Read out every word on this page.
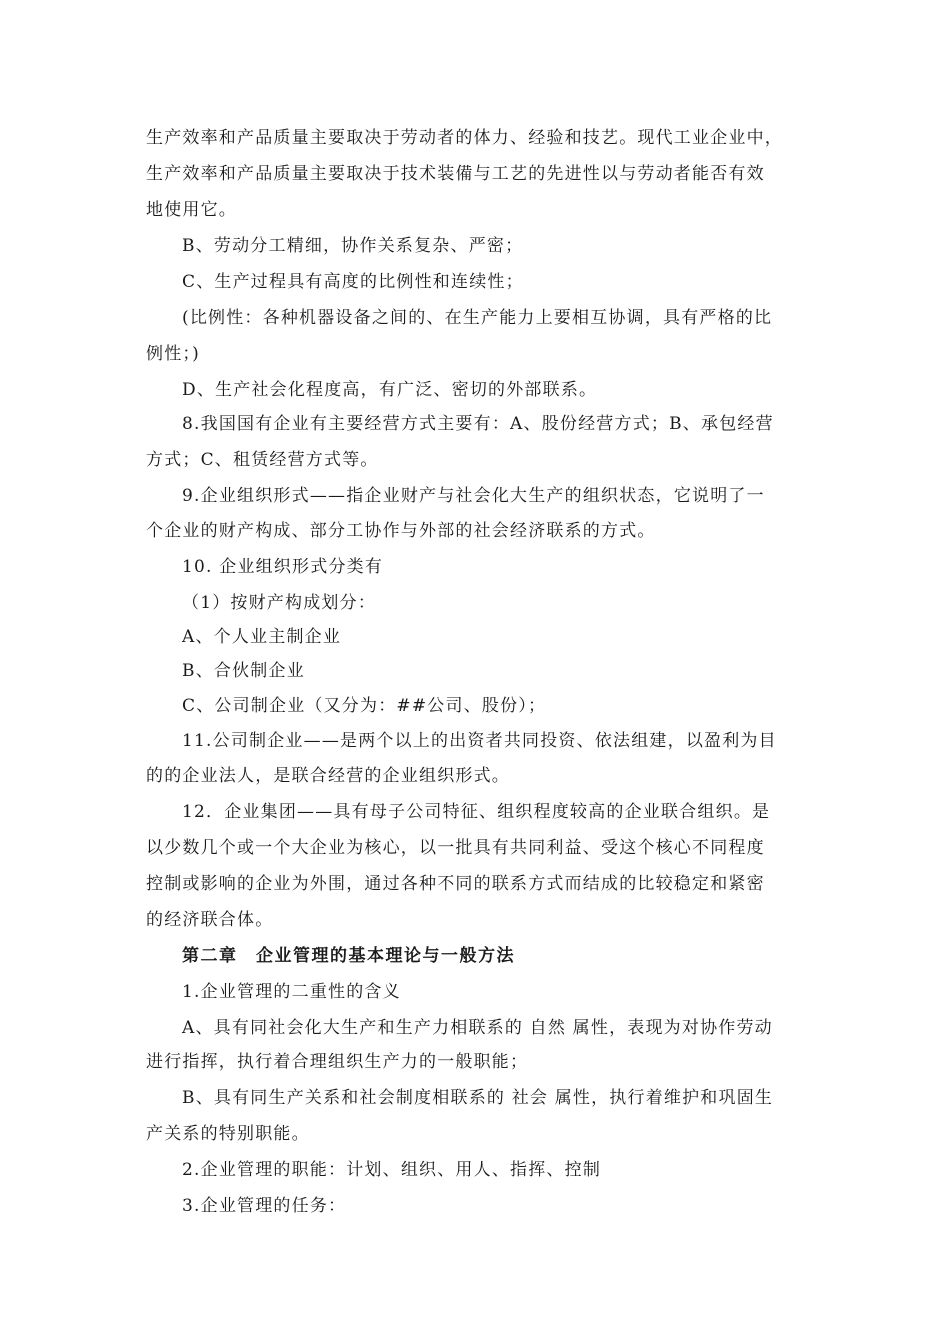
生产效率和产品质量主要取决于劳动者的体力、经验和技艺。现代工业企业中，
生产效率和产品质量主要取决于技术装備与工艺的先进性以与劳动者能否有效
地使用它。
B、劳动分工精细，协作关系复杂、严密；
C、生产过程具有高度的比例性和连续性；
(比例性：各种机器设备之间的、在生产能力上要相互协调，具有严格的比
例性；)
D、生产社会化程度高，有广泛、密切的外部联系。
8.我国国有企业有主要经营方式主要有：A、股份经营方式；B、承包经营
方式；C、租赁经营方式等。
9.企业组织形式——指企业财产与社会化大生产的组织状态，它说明了一
个企业的财产构成、部分工协作与外部的社会经济联系的方式。
10. 企业组织形式分类有
（1）按财产构成划分：
A、个人业主制企业
B、合伙制企业
C、公司制企业（又分为：##公司、股份）；
11.公司制企业——是两个以上的出资者共同投资、依法组建，以盈利为目
的的企业法人，是联合经营的企业组织形式。
12．企业集团——具有母子公司特征、组织程度较高的企业联合组织。是
以少数几个或一个大企业为核心，以一批具有共同利益、受这个核心不同程度
控制或影响的企业为外围，通过各种不同的联系方式而结成的比较稳定和紧密
的经济联合体。
第二章　企业管理的基本理论与一般方法
1.企业管理的二重性的含义
A、具有同社会化大生产和生产力相联系的 自然 属性，表现为对协作劳动
进行指挥，执行着合理组织生产力的一般职能；
B、具有同生产关系和社会制度相联系的 社会 属性，执行着维护和巩固生
产关系的特别职能。
2.企业管理的职能：计划、组织、用人、指挥、控制
3.企业管理的任务：
